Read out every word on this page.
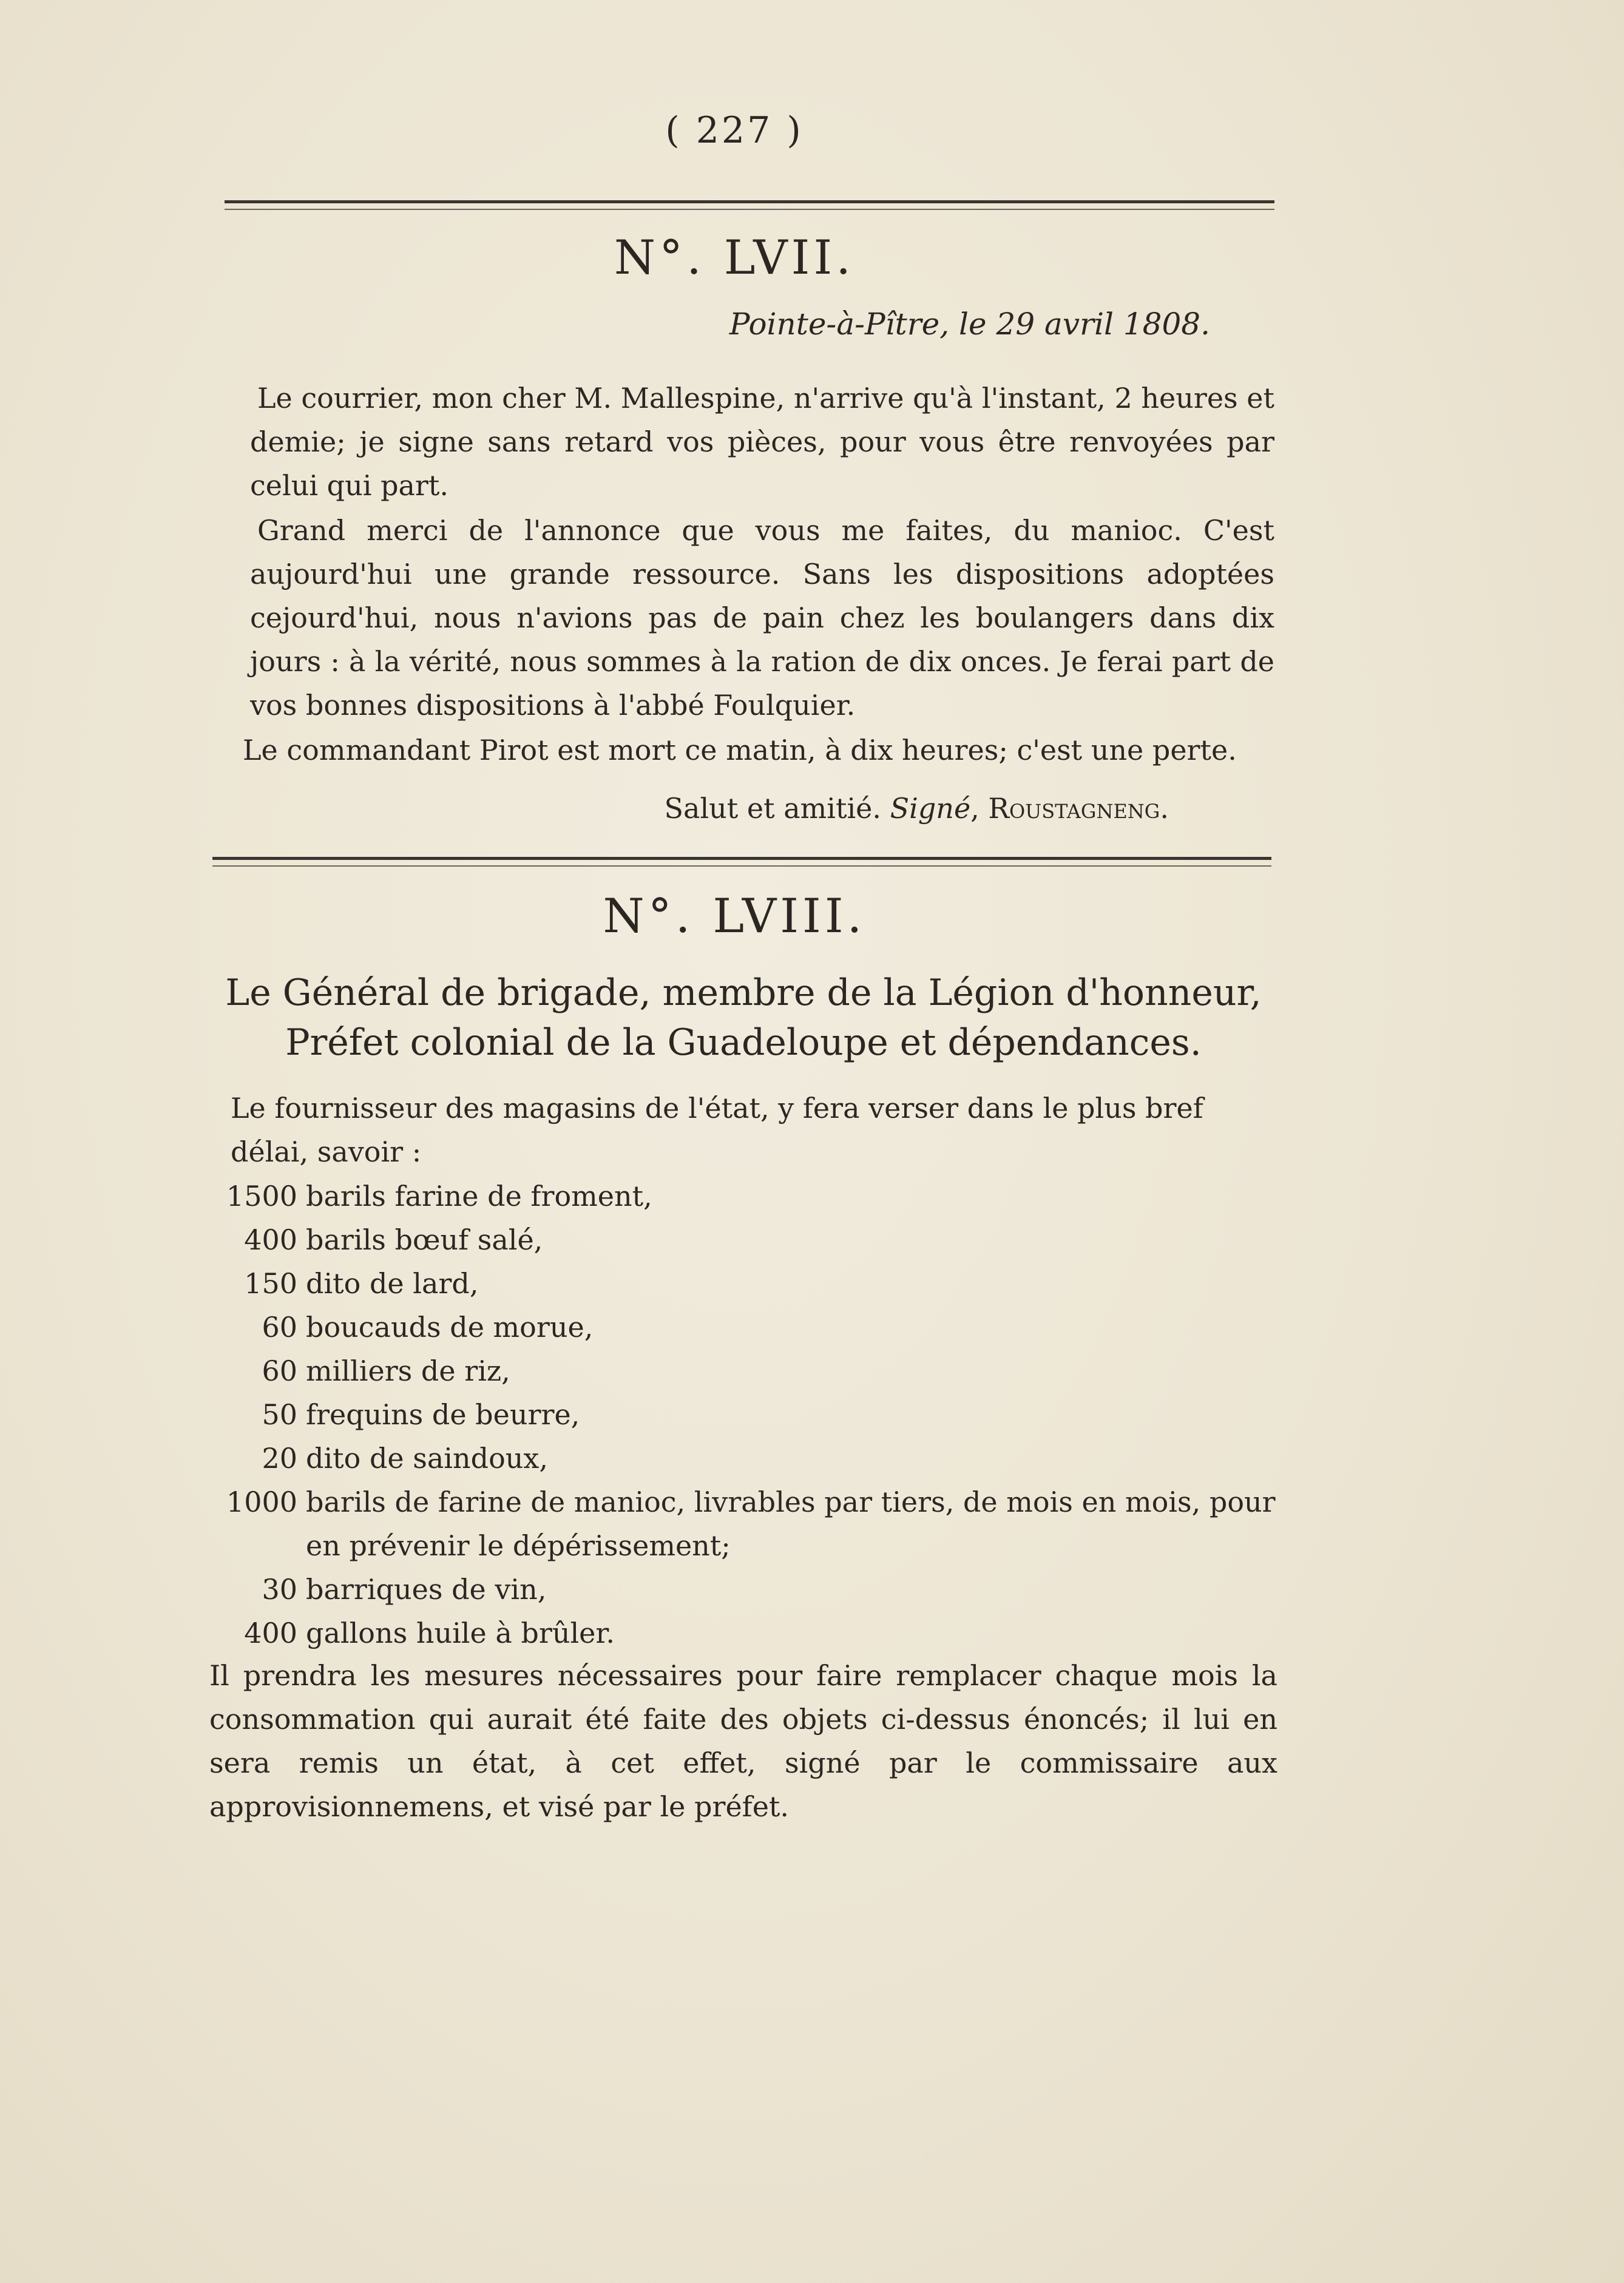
( 227 )
N°. LVII.
Pointe-à-Pître, le 29 avril 1808.
Le courrier, mon cher M. Mallespine, n'arrive qu'à l'instant, 2 heures et demie; je signe sans retard vos pièces, pour vous être renvoyées par celui qui part.
Grand merci de l'annonce que vous me faites, du manioc. C'est aujourd'hui une grande ressource. Sans les dispositions adoptées cejourd'hui, nous n'avions pas de pain chez les boulangers dans dix jours : à la vérité, nous sommes à la ration de dix onces. Je ferai part de vos bonnes dispositions à l'abbé Foulquier.
Le commandant Pirot est mort ce matin, à dix heures; c'est une perte.
Salut et amitié. Signé, Roustagneng.
N°. LVIII.
Le Général de brigade, membre de la Légion d'honneur, Préfet colonial de la Guadeloupe et dépendances.
Le fournisseur des magasins de l'état, y fera verser dans le plus bref délai, savoir :
1500 barils farine de froment,
400 barils bœuf salé,
150 dito de lard,
60 boucauds de morue,
60 milliers de riz,
50 frequins de beurre,
20 dito de saindoux,
1000 barils de farine de manioc, livrables par tiers, de mois en mois, pour en prévenir le dépérissement;
30 barriques de vin,
400 gallons huile à brûler.
Il prendra les mesures nécessaires pour faire remplacer chaque mois la consommation qui aurait été faite des objets ci-dessus énoncés; il lui en sera remis un état, à cet effet, signé par le commissaire aux approvisionnemens, et visé par le préfet.
